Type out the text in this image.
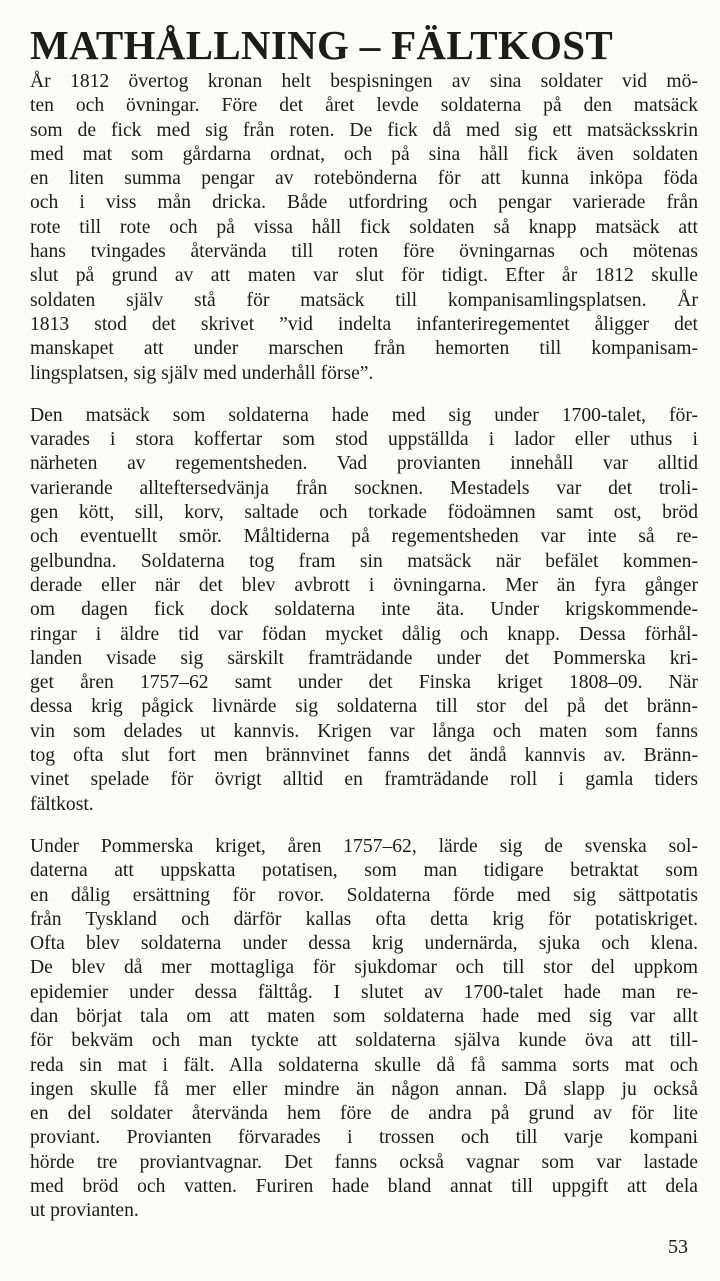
MATHÅLLNING – FÄLTKOST
År 1812 övertog kronan helt bespisningen av sina soldater vid mö-
ten och övningar. Före det året levde soldaterna på den matsäck
som de fick med sig från roten. De fick då med sig ett matsäcksskrin
med mat som gårdarna ordnat, och på sina håll fick även soldaten
en liten summa pengar av rotebönderna för att kunna inköpa föda
och i viss mån dricka. Både utfordring och pengar varierade från
rote till rote och på vissa håll fick soldaten så knapp matsäck att
hans tvingades återvända till roten före övningarnas och mötenas
slut på grund av att maten var slut för tidigt. Efter år 1812 skulle
soldaten själv stå för matsäck till kompanisamlingsplatsen. År
1813 stod det skrivet ”vid indelta infanteriregementet åligger det
manskapet att under marschen från hemorten till kompanisam-
lingsplatsen, sig själv med underhåll förse”.
Den matsäck som soldaterna hade med sig under 1700-talet, för-
varades i stora koffertar som stod uppställda i lador eller uthus i
närheten av regementsheden. Vad provianten innehåll var alltid
varierande allteftersedvänja från socknen. Mestadels var det troli-
gen kött, sill, korv, saltade och torkade födoämnen samt ost, bröd
och eventuellt smör. Måltiderna på regementsheden var inte så re-
gelbundna. Soldaterna tog fram sin matsäck när befälet kommen-
derade eller när det blev avbrott i övningarna. Mer än fyra gånger
om dagen fick dock soldaterna inte äta. Under krigskommende-
ringar i äldre tid var födan mycket dålig och knapp. Dessa förhål-
landen visade sig särskilt framträdande under det Pommerska kri-
get åren 1757–62 samt under det Finska kriget 1808–09. När
dessa krig pågick livnärde sig soldaterna till stor del på det bränn-
vin som delades ut kannvis. Krigen var långa och maten som fanns
tog ofta slut fort men brännvinet fanns det ändå kannvis av. Bränn-
vinet spelade för övrigt alltid en framträdande roll i gamla tiders
fältkost.
Under Pommerska kriget, åren 1757–62, lärde sig de svenska sol-
daterna att uppskatta potatisen, som man tidigare betraktat som
en dålig ersättning för rovor. Soldaterna förde med sig sättpotatis
från Tyskland och därför kallas ofta detta krig för potatiskriget.
Ofta blev soldaterna under dessa krig undernärda, sjuka och klena.
De blev då mer mottagliga för sjukdomar och till stor del uppkom
epidemier under dessa fälttåg. I slutet av 1700-talet hade man re-
dan börjat tala om att maten som soldaterna hade med sig var allt
för bekväm och man tyckte att soldaterna själva kunde öva att till-
reda sin mat i fält. Alla soldaterna skulle då få samma sorts mat och
ingen skulle få mer eller mindre än någon annan. Då slapp ju också
en del soldater återvända hem före de andra på grund av för lite
proviant. Provianten förvarades i trossen och till varje kompani
hörde tre proviantvagnar. Det fanns också vagnar som var lastade
med bröd och vatten. Furiren hade bland annat till uppgift att dela
ut provianten.
53
